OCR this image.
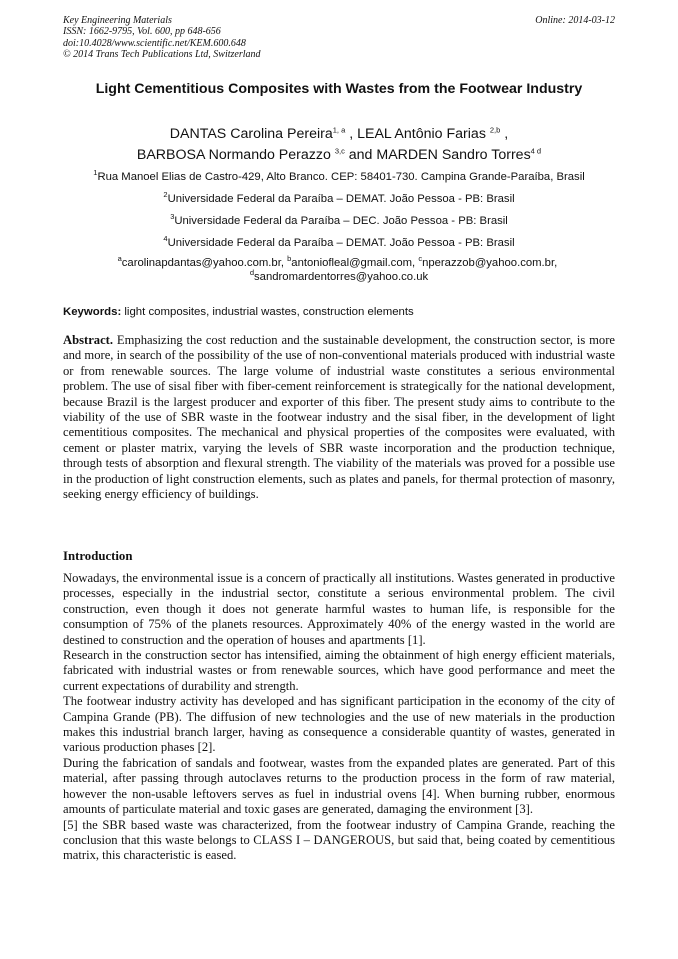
Key Engineering Materials
ISSN: 1662-9795, Vol. 600, pp 648-656
doi:10.4028/www.scientific.net/KEM.600.648
© 2014 Trans Tech Publications Ltd, Switzerland
Online: 2014-03-12
Light Cementitious Composites with Wastes from the Footwear Industry
DANTAS Carolina Pereira$^{1, a}$ , LEAL Antônio Farias $^{2,b}$ ,
BARBOSA Normando Perazzo $^{3,c}$ and MARDEN Sandro Torres$^{4 d}$
$^1$Rua Manoel Elias de Castro-429, Alto Branco. CEP: 58401-730. Campina Grande-Paraíba, Brasil
$^2$Universidade Federal da Paraíba – DEMAT. João Pessoa - PB: Brasil
$^3$Universidade Federal da Paraíba – DEC. João Pessoa - PB: Brasil
$^4$Universidade Federal da Paraíba – DEMAT. João Pessoa - PB: Brasil
$^a$carolinapdantas@yahoo.com.br, $^b$antoniofleal@gmail.com, $^c$nperazzob@yahoo.com.br,
$^d$sandromardentorres@yahoo.co.uk
Keywords: light composites, industrial wastes, construction elements
Abstract. Emphasizing the cost reduction and the sustainable development, the construction sector, is more and more, in search of the possibility of the use of non-conventional materials produced with industrial waste or from renewable sources. The large volume of industrial waste constitutes a serious environmental problem. The use of sisal fiber with fiber-cement reinforcement is strategically for the national development, because Brazil is the largest producer and exporter of this fiber. The present study aims to contribute to the viability of the use of SBR waste in the footwear industry and the sisal fiber, in the development of light cementitious composites. The mechanical and physical properties of the composites were evaluated, with cement or plaster matrix, varying the levels of SBR waste incorporation and the production technique, through tests of absorption and flexural strength. The viability of the materials was proved for a possible use in the production of light construction elements, such as plates and panels, for thermal protection of masonry, seeking energy efficiency of buildings.
Introduction

Nowadays, the environmental issue is a concern of practically all institutions. Wastes generated in productive processes, especially in the industrial sector, constitute a serious environmental problem. The civil construction, even though it does not generate harmful wastes to human life, is responsible for the consumption of 75% of the planets resources. Approximately 40% of the energy wasted in the world are destined to construction and the operation of houses and apartments [1].

Research in the construction sector has intensified, aiming the obtainment of high energy efficient materials, fabricated with industrial wastes or from renewable sources, which have good performance and meet the current expectations of durability and strength.

The footwear industry activity has developed and has significant participation in the economy of the city of Campina Grande (PB). The diffusion of new technologies and the use of new materials in the production makes this industrial branch larger, having as consequence a considerable quantity of wastes, generated in various production phases [2].

During the fabrication of sandals and footwear, wastes from the expanded plates are generated. Part of this material, after passing through autoclaves returns to the production process in the form of raw material, however the non-usable leftovers serves as fuel in industrial ovens [4]. When burning rubber, enormous amounts of particulate material and toxic gases are generated, damaging the environment [3].

[5] the SBR based waste was characterized, from the footwear industry of Campina Grande, reaching the conclusion that this waste belongs to CLASS I – DANGEROUS, but said that, being coated by cementitious matrix, this characteristic is eased.
